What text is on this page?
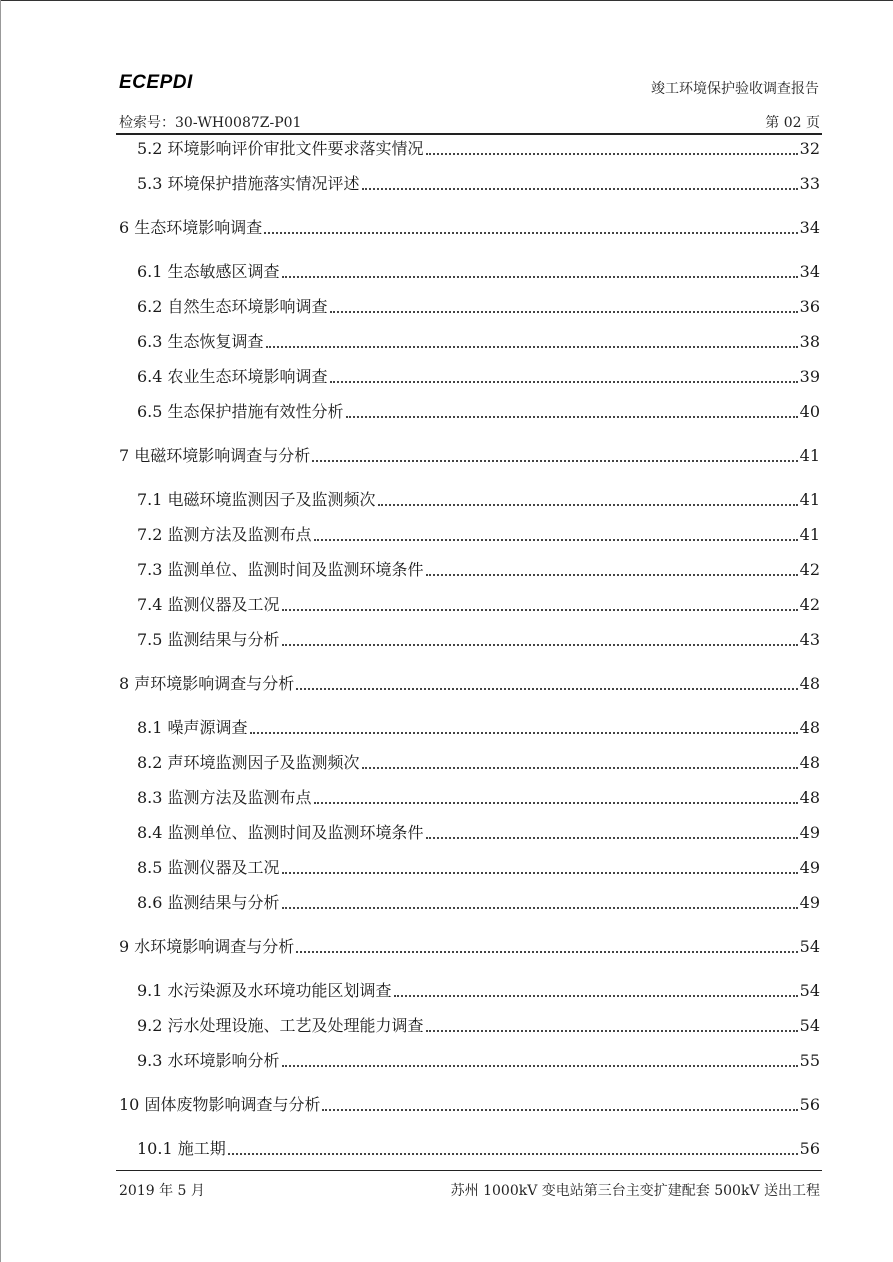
ECEPDI	竣工环境保护验收调查报告
检索号：30-WH0087Z-P01	第 02 页
5.2 环境影响评价审批文件要求落实情况	32
5.3 环境保护措施落实情况评述	33
6 生态环境影响调查	34
6.1 生态敏感区调查	34
6.2 自然生态环境影响调查	36
6.3 生态恢复调查	38
6.4 农业生态环境影响调查	39
6.5 生态保护措施有效性分析	40
7 电磁环境影响调查与分析	41
7.1 电磁环境监测因子及监测频次	41
7.2 监测方法及监测布点	41
7.3 监测单位、监测时间及监测环境条件	42
7.4 监测仪器及工况	42
7.5 监测结果与分析	43
8 声环境影响调查与分析	48
8.1 噪声源调查	48
8.2 声环境监测因子及监测频次	48
8.3 监测方法及监测布点	48
8.4 监测单位、监测时间及监测环境条件	49
8.5 监测仪器及工况	49
8.6 监测结果与分析	49
9 水环境影响调查与分析	54
9.1 水污染源及水环境功能区划调查	54
9.2 污水处理设施、工艺及处理能力调查	54
9.3 水环境影响分析	55
10 固体废物影响调查与分析	56
10.1 施工期	56
2019 年 5 月	苏州 1000kV 变电站第三台主变扩建配套 500kV 送出工程
